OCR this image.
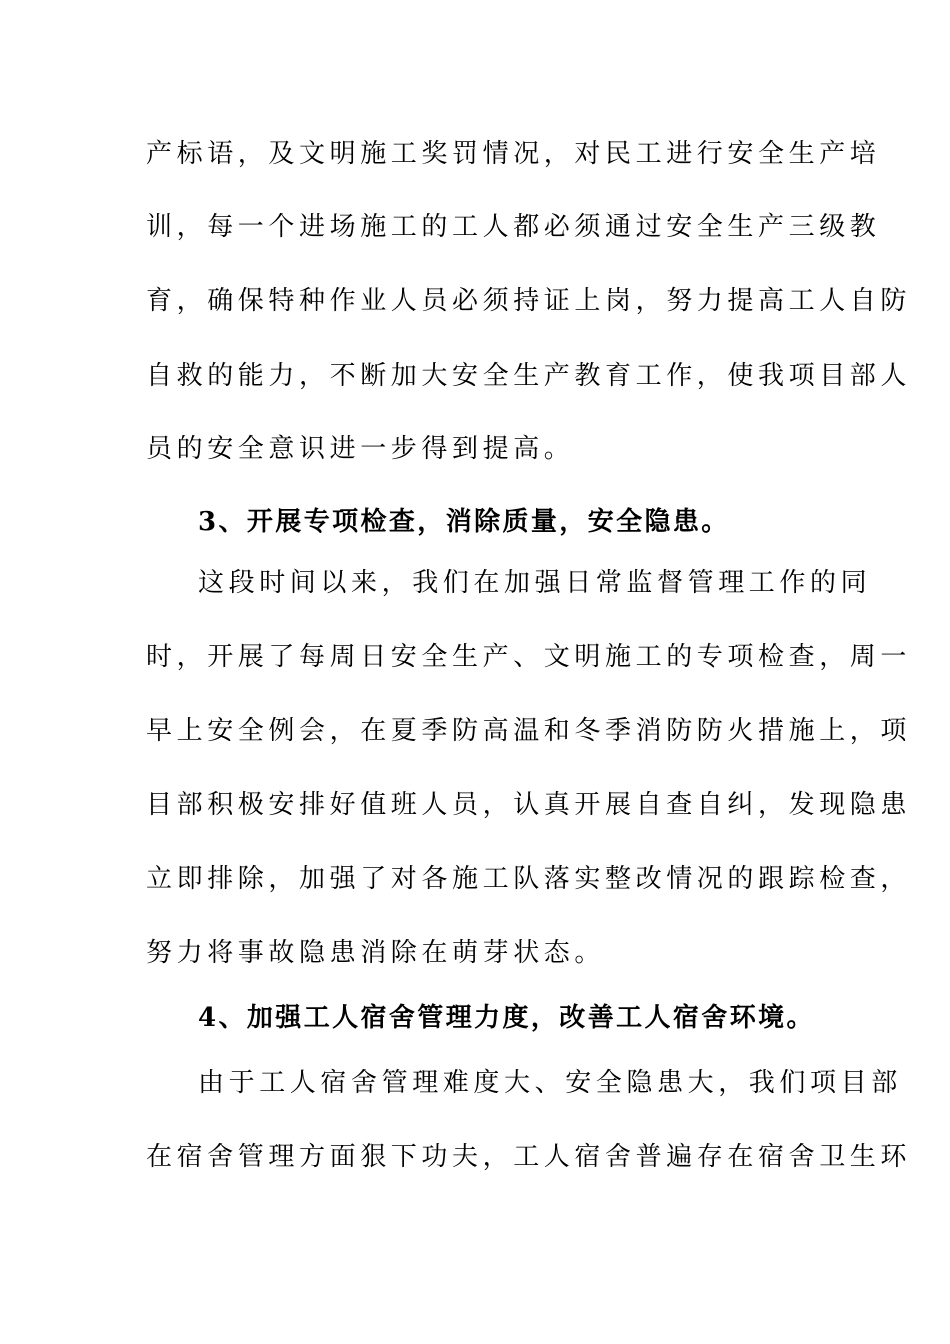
产标语，及文明施工奖罚情况，对民工进行安全生产培
训，每一个进场施工的工人都必须通过安全生产三级教
育，确保特种作业人员必须持证上岗，努力提高工人自防
自救的能力，不断加大安全生产教育工作，使我项目部人
员的安全意识进一步得到提高。
3、开展专项检查，消除质量，安全隐患。
这段时间以来，我们在加强日常监督管理工作的同
时，开展了每周日安全生产、文明施工的专项检查，周一
早上安全例会，在夏季防高温和冬季消防防火措施上，项
目部积极安排好值班人员，认真开展自查自纠，发现隐患
立即排除，加强了对各施工队落实整改情况的跟踪检查，
努力将事故隐患消除在萌芽状态。
4、加强工人宿舍管理力度，改善工人宿舍环境。
由于工人宿舍管理难度大、安全隐患大，我们项目部
在宿舍管理方面狠下功夫，工人宿舍普遍存在宿舍卫生环
